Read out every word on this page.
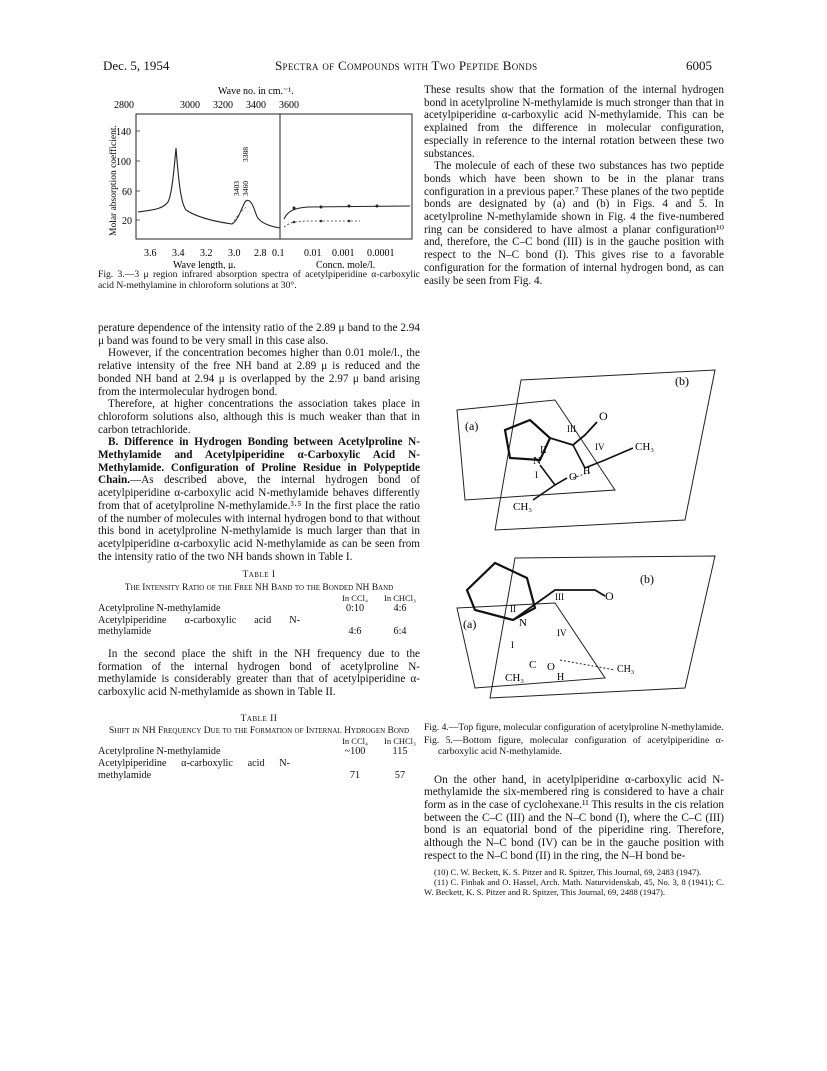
Dec. 5, 1954	Spectra of Compounds with Two Peptide Bonds	6005
Wave no. in cm.⁻¹.
2800	3000 3200 3400 3600
Molar absorption coefficient.
140
100
60
20
3388
3403 3460
3.6 3.4 3.2 3.0 2.8 0.1 0.01 0.001 0.0001
Wave length, μ.	Concn. mole/l.
Fig. 3.—3 μ region infrared absorption spectra of acetylpiperidine α-carboxylic acid N-methylamine in chloroform solutions at 30°.

perature dependence of the intensity ratio of the 2.89 μ band to the 2.94 μ band was found to be very small in this case also.

However, if the concentration becomes higher than 0.01 mole/l., the relative intensity of the free NH band at 2.89 μ is reduced and the bonded NH band at 2.94 μ is overlapped by the 2.97 μ band arising from the intermolecular hydrogen bond.

Therefore, at higher concentrations the association takes place in chloroform solutions also, although this is much weaker than that in carbon tetrachloride.

B. Difference in Hydrogen Bonding between Acetylproline N-Methylamide and Acetylpiperidine α-Carboxylic Acid N-Methylamide. Configuration of Proline Residue in Polypeptide Chain.—As described above, the internal hydrogen bond of acetylpiperidine α-carboxylic acid N-methylamide behaves differently from that of acetylproline N-methylamide.³·⁵ In the first place the ratio of the number of molecules with internal hydrogen bond to that without this bond in acetylproline N-methylamide is much larger than that in acetylpiperidine α-carboxylic acid N-methylamide as can be seen from the intensity ratio of the two NH bands shown in Table I.

Table I
The Intensity Ratio of the Free NH Band to the Bonded NH Band
	In CCl₄	In CHCl₃
Acetylproline N-methylamide	0:10	4:6
Acetylpiperidine α-carboxylic acid N-methylamide	4:6	6:4

In the second place the shift in the NH frequency due to the formation of the internal hydrogen bond of acetylproline N-methylamide is considerably greater than that of acetylpiperidine α-carboxylic acid N-methylamide as shown in Table II.

Table II
Shift in NH Frequency Due to the Formation of Internal Hydrogen Bond
	In CCl₄	In CHCl₃
Acetylproline N-methylamide	~100	115
Acetylpiperidine α-carboxylic acid N-methylamide	71	57

These results show that the formation of the internal hydrogen bond in acetylproline N-methylamide is much stronger than that in acetylpiperidine α-carboxylic acid N-methylamide. This can be explained from the difference in molecular configuration, especially in reference to the internal rotation between these two substances.

The molecule of each of these two substances has two peptide bonds which have been shown to be in the planar trans configuration in a previous paper.⁷ These planes of the two peptide bonds are designated by (a) and (b) in Figs. 4 and 5. In acetylproline N-methylamide shown in Fig. 4 the five-numbered ring can be considered to have almost a planar configuration¹⁰ and, therefore, the C–C bond (III) is in the gauche position with respect to the N–C bond (I). This gives rise to a favorable configuration for the formation of internal hydrogen bond, as can easily be seen from Fig. 4.

(b)
(a)
O
III
II
N
O
I
CH₃
IV
H
CH₃
(b)
(a)
O
III
II
N
I
C O
CH₃	H
IV
CH₃
Fig. 4.—Top figure, molecular configuration of acetylproline N-methylamide.
Fig. 5.—Bottom figure, molecular configuration of acetylpiperidine α-carboxylic acid N-methylamide.

On the other hand, in acetylpiperidine α-carboxylic acid N-methylamide the six-membered ring is considered to have a chair form as in the case of cyclohexane.¹¹ This results in the cis relation between the C–C (III) and the N–C bond (I), where the C–C (III) bond is an equatorial bond of the piperidine ring. Therefore, although the N–C bond (IV) can be in the gauche position with respect to the N–C bond (II) in the ring, the N–H bond be-

(10) C. W. Beckett, K. S. Pitzer and R. Spitzer, This Journal, 69, 2483 (1947).
(11) C. Finbak and O. Hassel, Arch. Math. Naturvidenskab, 45, No. 3, 8 (1941); C. W. Beckett, K. S. Pitzer and R. Spitzer, This Journal, 69, 2488 (1947).
